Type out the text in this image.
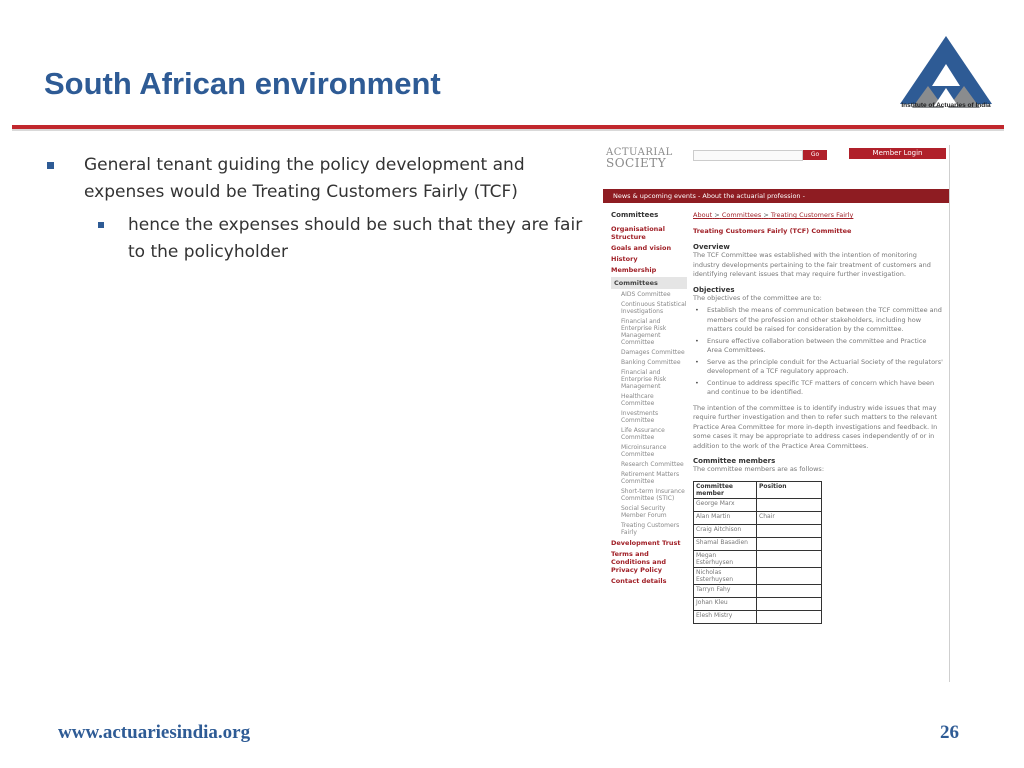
South African environment
Institute of Actuaries of India
General tenant guiding the policy development and expenses would be Treating Customers Fairly (TCF)
hence the expenses should be such that they are fair to the policyholder
ACTUARIAL
SOCIETY
Go	Member Login
News & upcoming events - About the actuarial profession -
Committees
Organisational Structure
Goals and vision
History
Membership
Committees
AIDS Committee
Continuous Statistical Investigations
Financial and Enterprise Risk Management Committee
Damages Committee
Banking Committee
Financial and Enterprise Risk Management
Healthcare Committee
Investments Committee
Life Assurance Committee
Microinsurance Committee
Research Committee
Retirement Matters Committee
Short-term Insurance Committee (STIC)
Social Security Member Forum
Treating Customers Fairly
Development Trust
Terms and Conditions and Privacy Policy
Contact details
About > Committees > Treating Customers Fairly
Treating Customers Fairly (TCF) Committee
Overview
The TCF Committee was established with the intention of monitoring industry developments pertaining to the fair treatment of customers and identifying relevant issues that may require further investigation.
Objectives
The objectives of the committee are to:
• Establish the means of communication between the TCF committee and members of the profession and other stakeholders, including how matters could be raised for consideration by the committee.
• Ensure effective collaboration between the committee and Practice Area Committees.
• Serve as the principle conduit for the Actuarial Society of the regulators' development of a TCF regulatory approach.
• Continue to address specific TCF matters of concern which have been and continue to be identified.
The intention of the committee is to identify industry wide issues that may require further investigation and then to refer such matters to the relevant Practice Area Committee for more in-depth investigations and feedback. In some cases it may be appropriate to address cases independently of or in addition to the work of the Practice Area Committees.
Committee members
The committee members are as follows:
Committee member	Position
George Marx	
Alan Martin	Chair
Craig Aitchison	
Shamal Basadien	
Megan Esterhuysen	
Nicholas Esterhuysen	
Tarryn Fahy	
Johan Kleu	
Elesh Mistry	
www.actuariesindia.org	26
